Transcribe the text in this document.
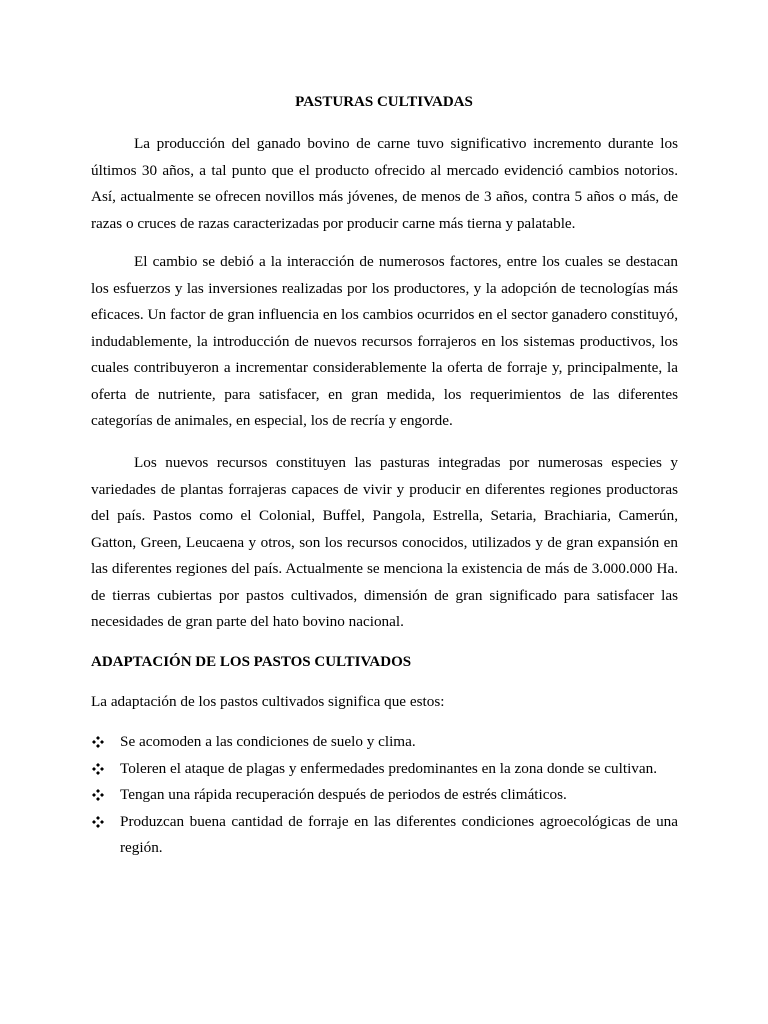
PASTURAS CULTIVADAS

La producción del ganado bovino de carne tuvo significativo incremento durante los últimos 30 años, a tal punto que el producto ofrecido al mercado evidenció cambios notorios. Así, actualmente se ofrecen novillos más jóvenes, de menos de 3 años, contra 5 años o más, de razas o cruces de razas caracterizadas por producir carne más tierna y palatable.

El cambio se debió a la interacción de numerosos factores, entre los cuales se destacan los esfuerzos y las inversiones realizadas por los productores, y la adopción de tecnologías más eficaces. Un factor de gran influencia en los cambios ocurridos en el sector ganadero constituyó, indudablemente, la introducción de nuevos recursos forrajeros en los sistemas productivos, los cuales contribuyeron a incrementar considerablemente la oferta de forraje y, principalmente, la oferta de nutriente, para satisfacer, en gran medida, los requerimientos de las diferentes categorías de animales, en especial, los de recría y engorde.

Los nuevos recursos constituyen las pasturas integradas por numerosas especies y variedades de plantas forrajeras capaces de vivir y producir en diferentes regiones productoras del país. Pastos como el Colonial, Buffel, Pangola, Estrella, Setaria, Brachiaria, Camerún, Gatton, Green, Leucaena y otros, son los recursos conocidos, utilizados y de gran expansión en las diferentes regiones del país. Actualmente se menciona la existencia de más de 3.000.000 Ha. de tierras cubiertas por pastos cultivados, dimensión de gran significado para satisfacer las necesidades de gran parte del hato bovino nacional.

ADAPTACIÓN DE LOS PASTOS CULTIVADOS

La adaptación de los pastos cultivados significa que estos:

Se acomoden a las condiciones de suelo y clima.
Toleren el ataque de plagas y enfermedades predominantes en la zona donde se cultivan.
Tengan una rápida recuperación después de periodos de estrés climáticos.
Produzcan buena cantidad de forraje en las diferentes condiciones agroecológicas de una región.
